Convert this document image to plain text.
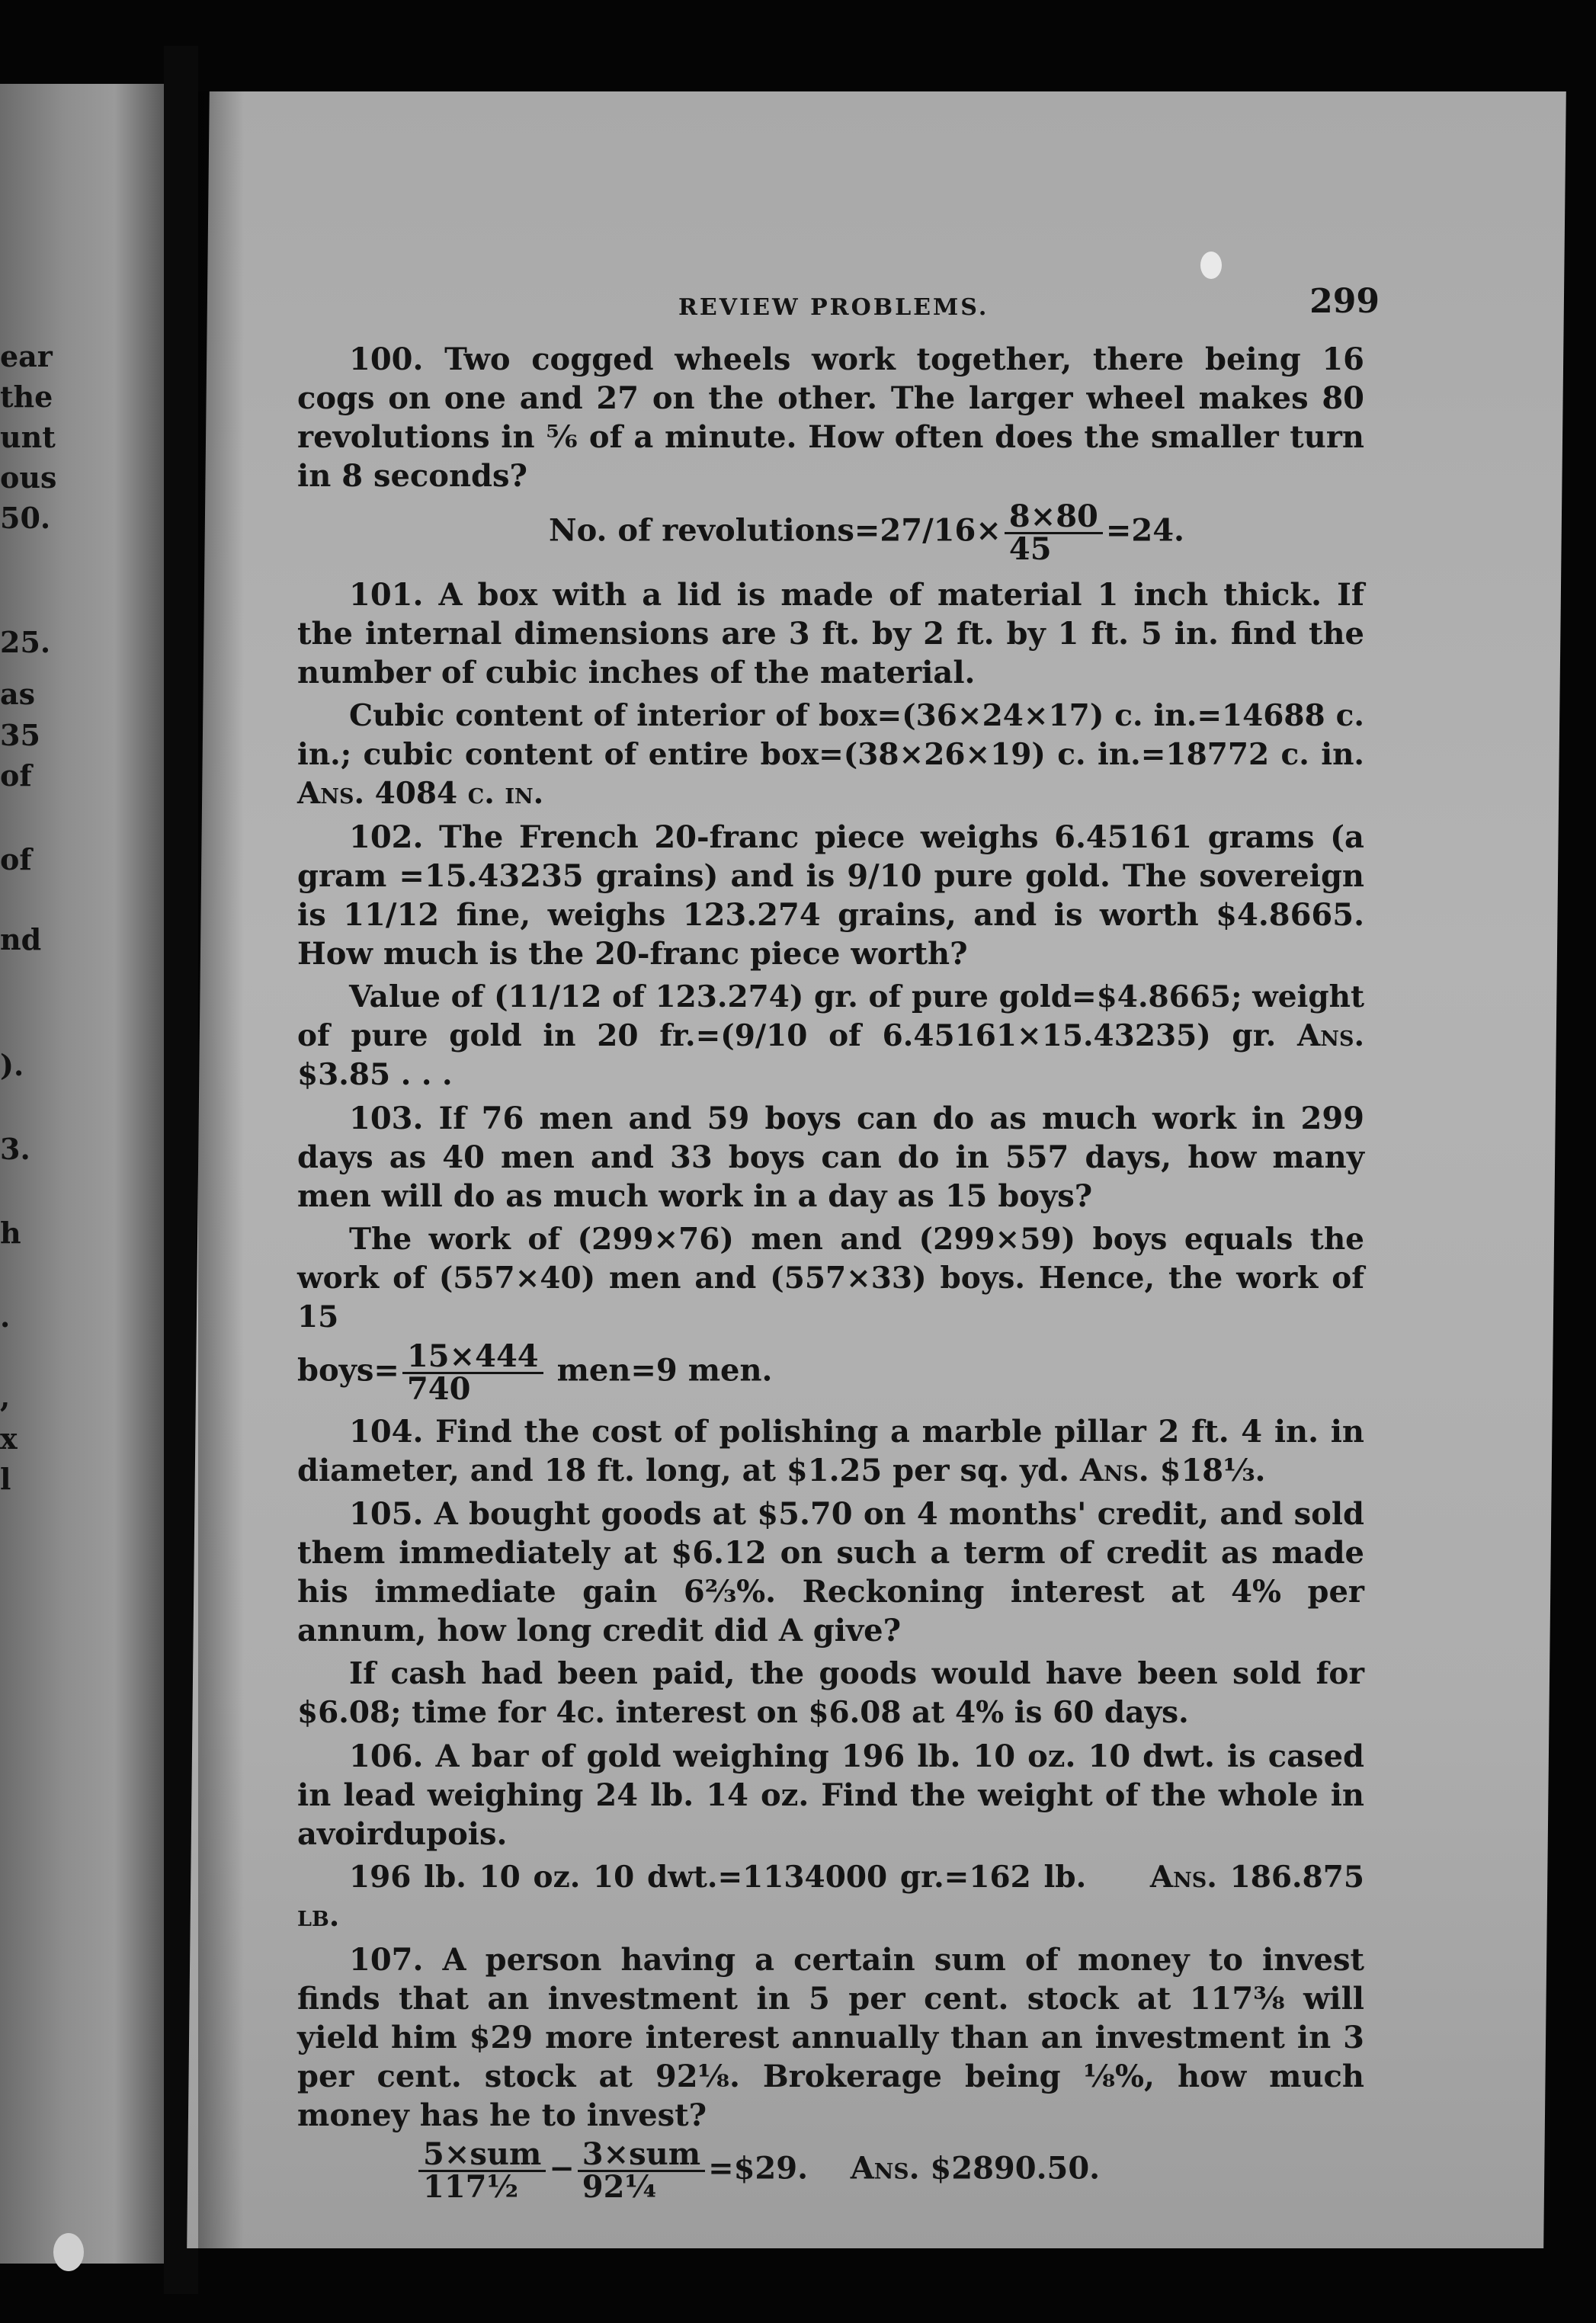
ear
the
unt
ous
50.
25.
as
35
of
of
nd
).
3.
h
.
,
x
l
REVIEW PROBLEMS.	299

100. Two cogged wheels work together, there being 16 cogs on one and 27 on the other. The larger wheel makes 80 revolutions in ⅚ of a minute. How often does the smaller turn in 8 seconds?

No. of revolutions=27/16× $\frac{8\times 80}{45} =24$.

101. A box with a lid is made of material 1 inch thick. If the internal dimensions are 3 ft. by 2 ft. by 1 ft. 5 in. find the number of cubic inches of the material.

Cubic content of interior of box=(36×24×17) c. in.=14688 c. in.; cubic content of entire box=(38×26×19) c. in.=18772 c. in. Ans. 4084 c. in.

102. The French 20-franc piece weighs 6.45161 grams (a gram =15.43235 grains) and is 9/10 pure gold. The sovereign is 11/12 fine, weighs 123.274 grains, and is worth $4.8665. How much is the 20-franc piece worth?

Value of (11/12 of 123.274) gr. of pure gold=$4.8665; weight of pure gold in 20 fr.=(9/10 of 6.45161×15.43235) gr. Ans. $3.85 . . .

103. If 76 men and 59 boys can do as much work in 299 days as 40 men and 33 boys can do in 557 days, how many men will do as much work in a day as 15 boys?

The work of (299×76) men and (299×59) boys equals the work of (557×40) men and (557×33) boys. Hence, the work of 15

boys= $\frac{15\times 444}{740} men=9$ men.

104. Find the cost of polishing a marble pillar 2 ft. 4 in. in diameter, and 18 ft. long, at $1.25 per sq. yd. Ans. $18⅓.

105. A bought goods at $5.70 on 4 months' credit, and sold them immediately at $6.12 on such a term of credit as made his immediate gain 6⅔%. Reckoning interest at 4% per annum, how long credit did A give?

If cash had been paid, the goods would have been sold for $6.08; time for 4c. interest on $6.08 at 4% is 60 days.

106. A bar of gold weighing 196 lb. 10 oz. 10 dwt. is cased in lead weighing 24 lb. 14 oz. Find the weight of the whole in avoirdupois.

196 lb. 10 oz. 10 dwt.=1134000 gr.=162 lb. Ans. 186.875 lb.

107. A person having a certain sum of money to invest finds that an investment in 5 per cent. stock at 117⅜ will yield him $29 more interest annually than an investment in 3 per cent. stock at 92⅛. Brokerage being ⅛%, how much money has he to invest?

$\frac{\text{5×sum}}{\text{117½}} - \frac{\text{3×sum}}{\text{92¼}}$ =$29. Ans. $2890.50.
